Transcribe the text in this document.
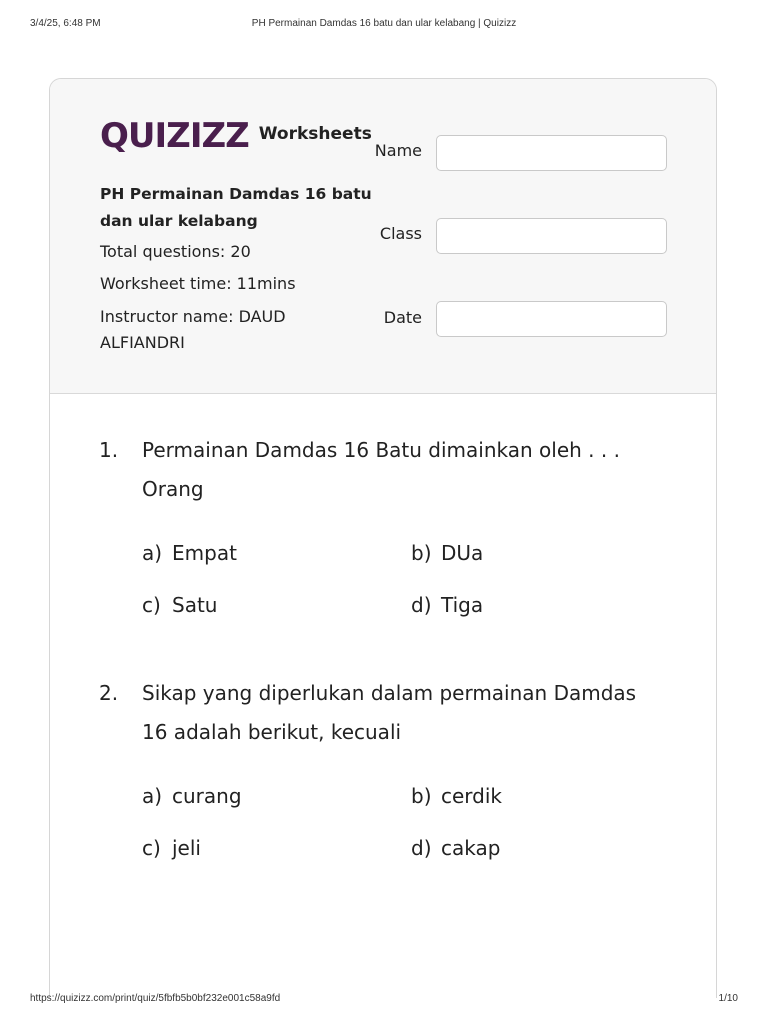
3/4/25, 6:48 PM	PH Permainan Damdas 16 batu dan ular kelabang | Quizizz
QUIZIZZ Worksheets
PH Permainan Damdas 16 batu dan ular kelabang
Total questions: 20
Worksheet time: 11mins
Instructor name: DAUD ALFIANDRI
Name
Class
Date
1. Permainan Damdas 16 Batu dimainkan oleh . . . Orang
a) Empat	b) DUa
c) Satu	d) Tiga
2. Sikap yang diperlukan dalam permainan Damdas 16 adalah berikut, kecuali
a) curang	b) cerdik
c) jeli	d) cakap
https://quizizz.com/print/quiz/5fbfb5b0bf232e001c58a9fd	1/10
